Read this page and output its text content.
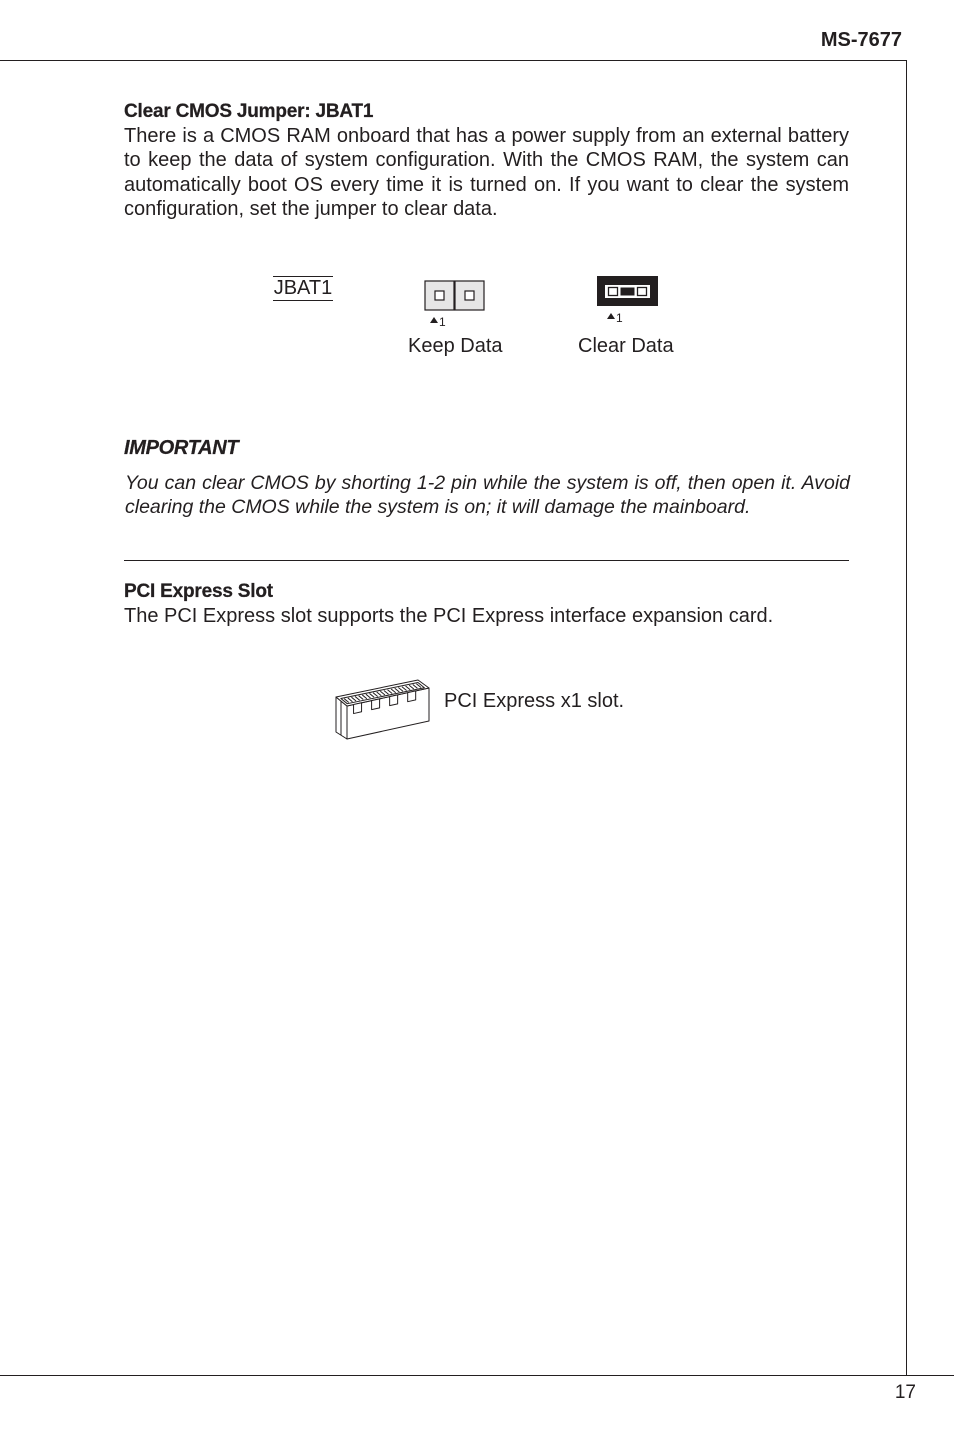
MS-7677
Clear CMOS Jumper: JBAT1
There is a CMOS RAM onboard that has a power supply from an external battery
to keep the data of system configuration. With the CMOS RAM, the system can
automatically boot OS every time it is turned on. If you want to clear the system
configuration, set the jumper to clear data.
JBAT1
1
Keep Data
1
Clear Data
IMPORTANT
You can clear CMOS by shorting 1-2 pin while the system is off, then open it. Avoid
clearing the CMOS while the system is on; it will damage the mainboard.
PCI Express Slot
The PCI Express slot supports the PCI Express interface expansion card.
PCI Express x1 slot.
17
